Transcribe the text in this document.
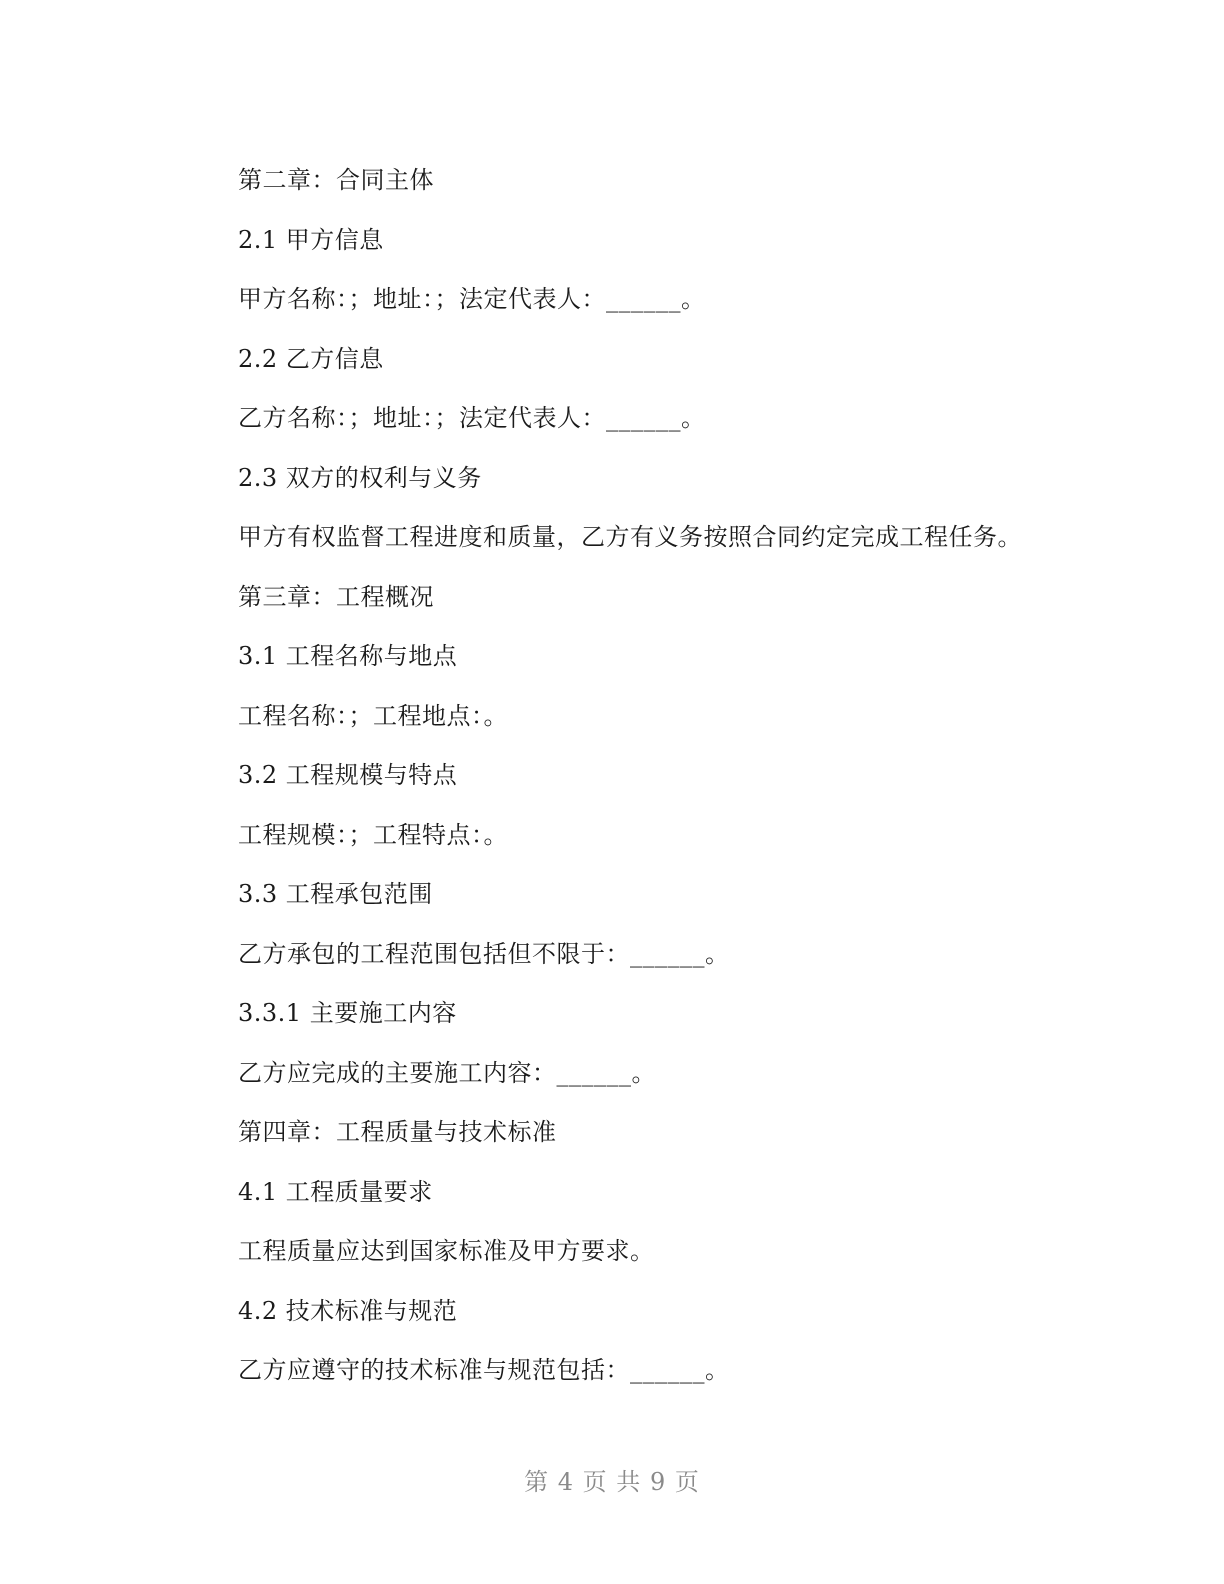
第二章：合同主体
2.1 甲方信息
甲方名称：；地址：；法定代表人：______。
2.2 乙方信息
乙方名称：；地址：；法定代表人：______。
2.3 双方的权利与义务
甲方有权监督工程进度和质量，乙方有义务按照合同约定完成工程任务。
第三章：工程概况
3.1 工程名称与地点
工程名称：；工程地点：。
3.2 工程规模与特点
工程规模：；工程特点：。
3.3 工程承包范围
乙方承包的工程范围包括但不限于：______。
3.3.1 主要施工内容
乙方应完成的主要施工内容：______。
第四章：工程质量与技术标准
4.1 工程质量要求
工程质量应达到国家标准及甲方要求。
4.2 技术标准与规范
乙方应遵守的技术标准与规范包括：______。
第 4 页 共 9 页
